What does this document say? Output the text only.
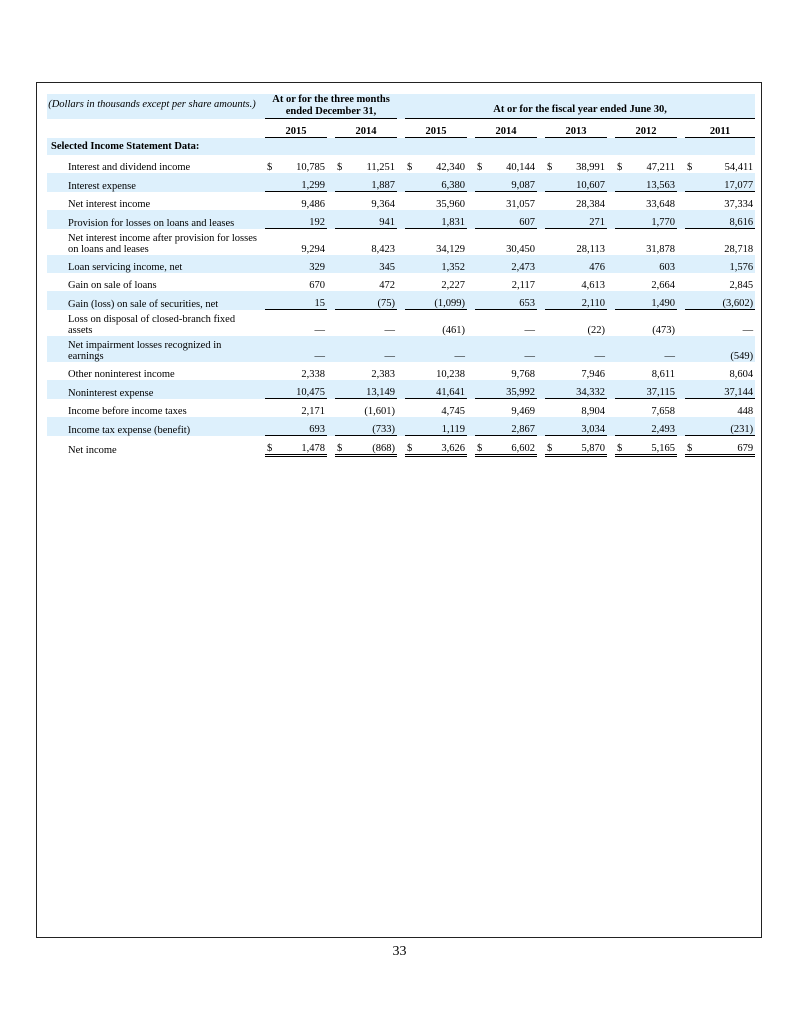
(Dollars in thousands except per share amounts.)		At or for the three months ended December 31,						At or for the fiscal year ended June 30,													
		2015			2014			2015			2014			2013			2012			2011	
Selected Income Statement Data:																					
Interest and dividend income		$	10,785		$	11,251		$	42,340		$	40,144		$	38,991		$	47,211		$	54,411
Interest expense			1,299			1,887			6,380			9,087			10,607			13,563			17,077
Net interest income			9,486			9,364			35,960			31,057			28,384			33,648			37,334
Provision for losses on loans and leases			192			941			1,831			607			271			1,770			8,616
Net interest income after provision for losses on loans and leases			9,294			8,423			34,129			30,450			28,113			31,878			28,718
Loan servicing income, net			329			345			1,352			2,473			476			603			1,576
Gain on sale of loans			670			472			2,227			2,117			4,613			2,664			2,845
Gain (loss) on sale of securities, net			15			(75)			(1,099)			653			2,110			1,490			(3,602)
Loss on disposal of closed-branch fixed assets			—			—			(461)			—			(22)			(473)			—
Net impairment losses recognized in earnings			—			—			—			—			—			—			(549)
Other noninterest income			2,338			2,383			10,238			9,768			7,946			8,611			8,604
Noninterest expense			10,475			13,149			41,641			35,992			34,332			37,115			37,144
Income before income taxes			2,171			(1,601)			4,745			9,469			8,904			7,658			448
Income tax expense (benefit)			693			(733)			1,119			2,867			3,034			2,493			(231)
Net income		$	1,478		$	(868)		$	3,626		$	6,602		$	5,870		$	5,165		$	679
33
